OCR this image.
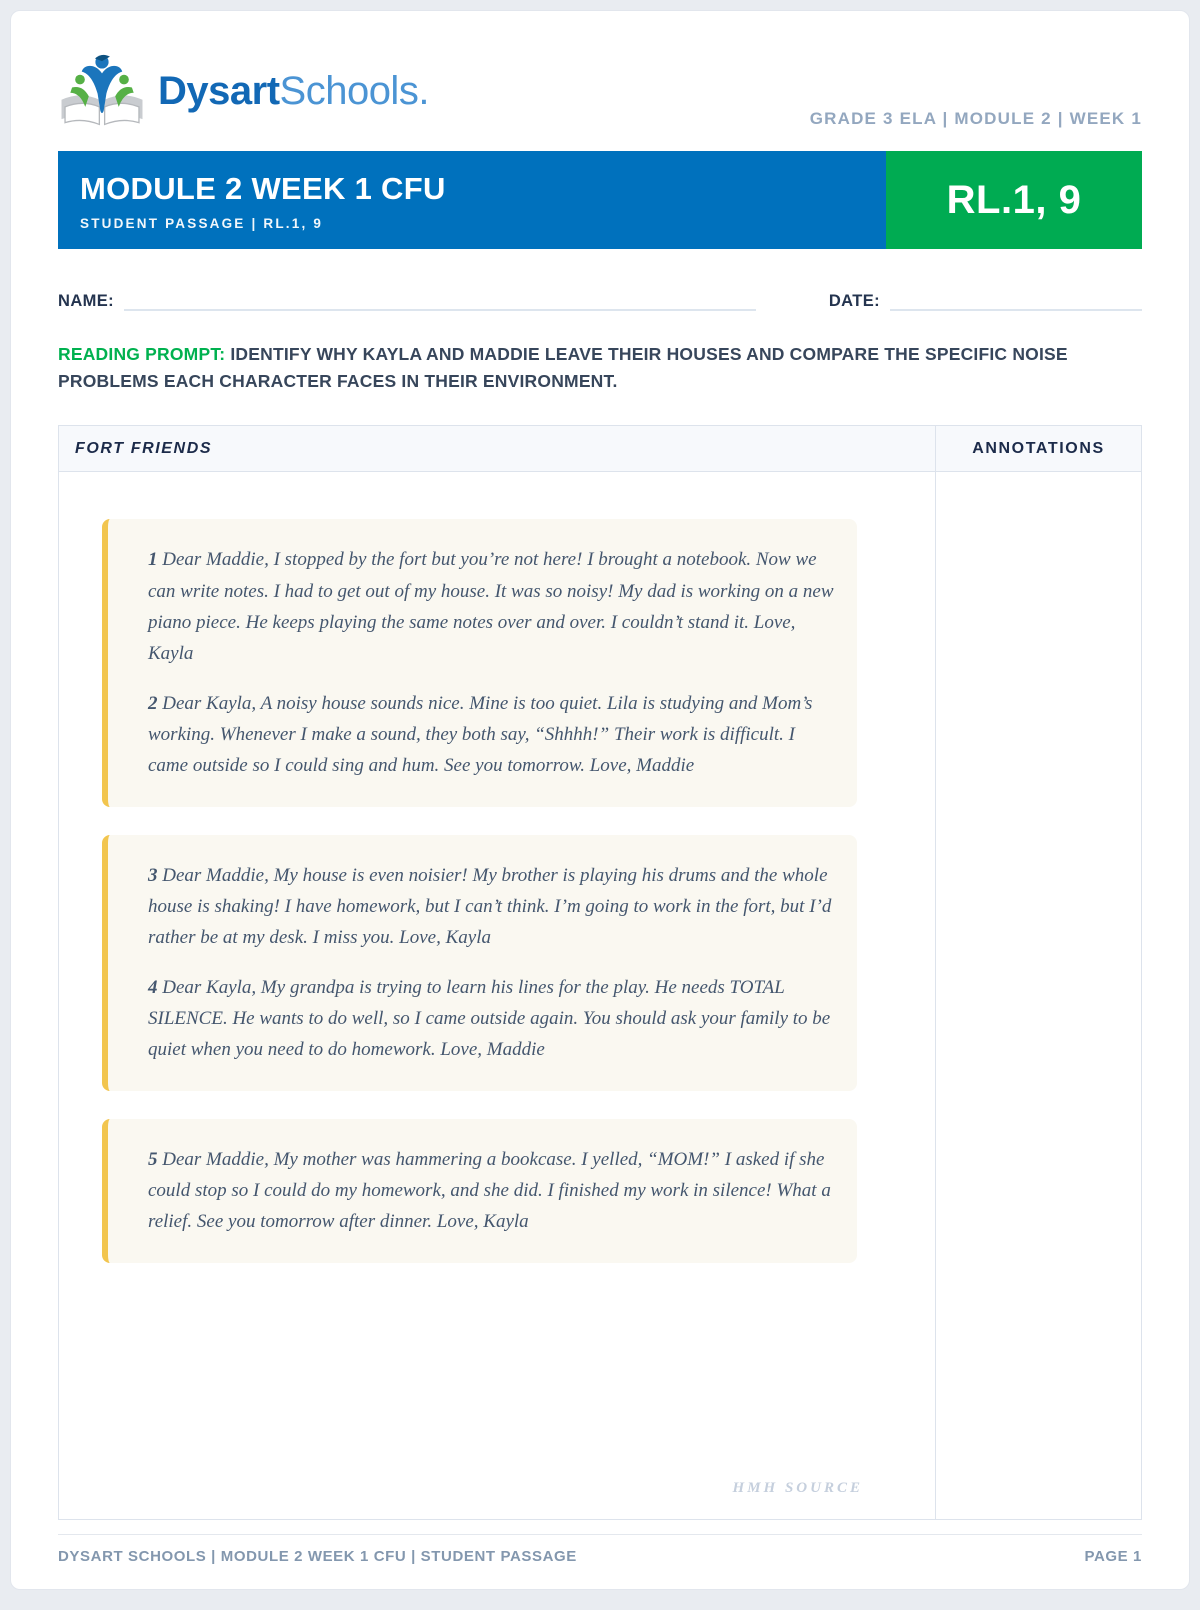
DysartSchools.
GRADE 3 ELA | MODULE 2 | WEEK 1
MODULE 2 WEEK 1 CFU
STUDENT PASSAGE | RL.1, 9
RL.1, 9
NAME:	DATE:
READING PROMPT: IDENTIFY WHY KAYLA AND MADDIE LEAVE THEIR HOUSES AND COMPARE THE SPECIFIC NOISE PROBLEMS EACH CHARACTER FACES IN THEIR ENVIRONMENT.
FORT FRIENDS	ANNOTATIONS

1 Dear Maddie, I stopped by the fort but you’re not here! I brought a notebook. Now we can write notes. I had to get out of my house. It was so noisy! My dad is working on a new piano piece. He keeps playing the same notes over and over. I couldn’t stand it. Love, Kayla

2 Dear Kayla, A noisy house sounds nice. Mine is too quiet. Lila is studying and Mom’s working. Whenever I make a sound, they both say, “Shhhh!” Their work is difficult. I came outside so I could sing and hum. See you tomorrow. Love, Maddie

3 Dear Maddie, My house is even noisier! My brother is playing his drums and the whole house is shaking! I have homework, but I can’t think. I’m going to work in the fort, but I’d rather be at my desk. I miss you. Love, Kayla

4 Dear Kayla, My grandpa is trying to learn his lines for the play. He needs TOTAL SILENCE. He wants to do well, so I came outside again. You should ask your family to be quiet when you need to do homework. Love, Maddie

5 Dear Maddie, My mother was hammering a bookcase. I yelled, “MOM!” I asked if she could stop so I could do my homework, and she did. I finished my work in silence! What a relief. See you tomorrow after dinner. Love, Kayla

HMH SOURCE
DYSART SCHOOLS | MODULE 2 WEEK 1 CFU | STUDENT PASSAGE	PAGE 1
